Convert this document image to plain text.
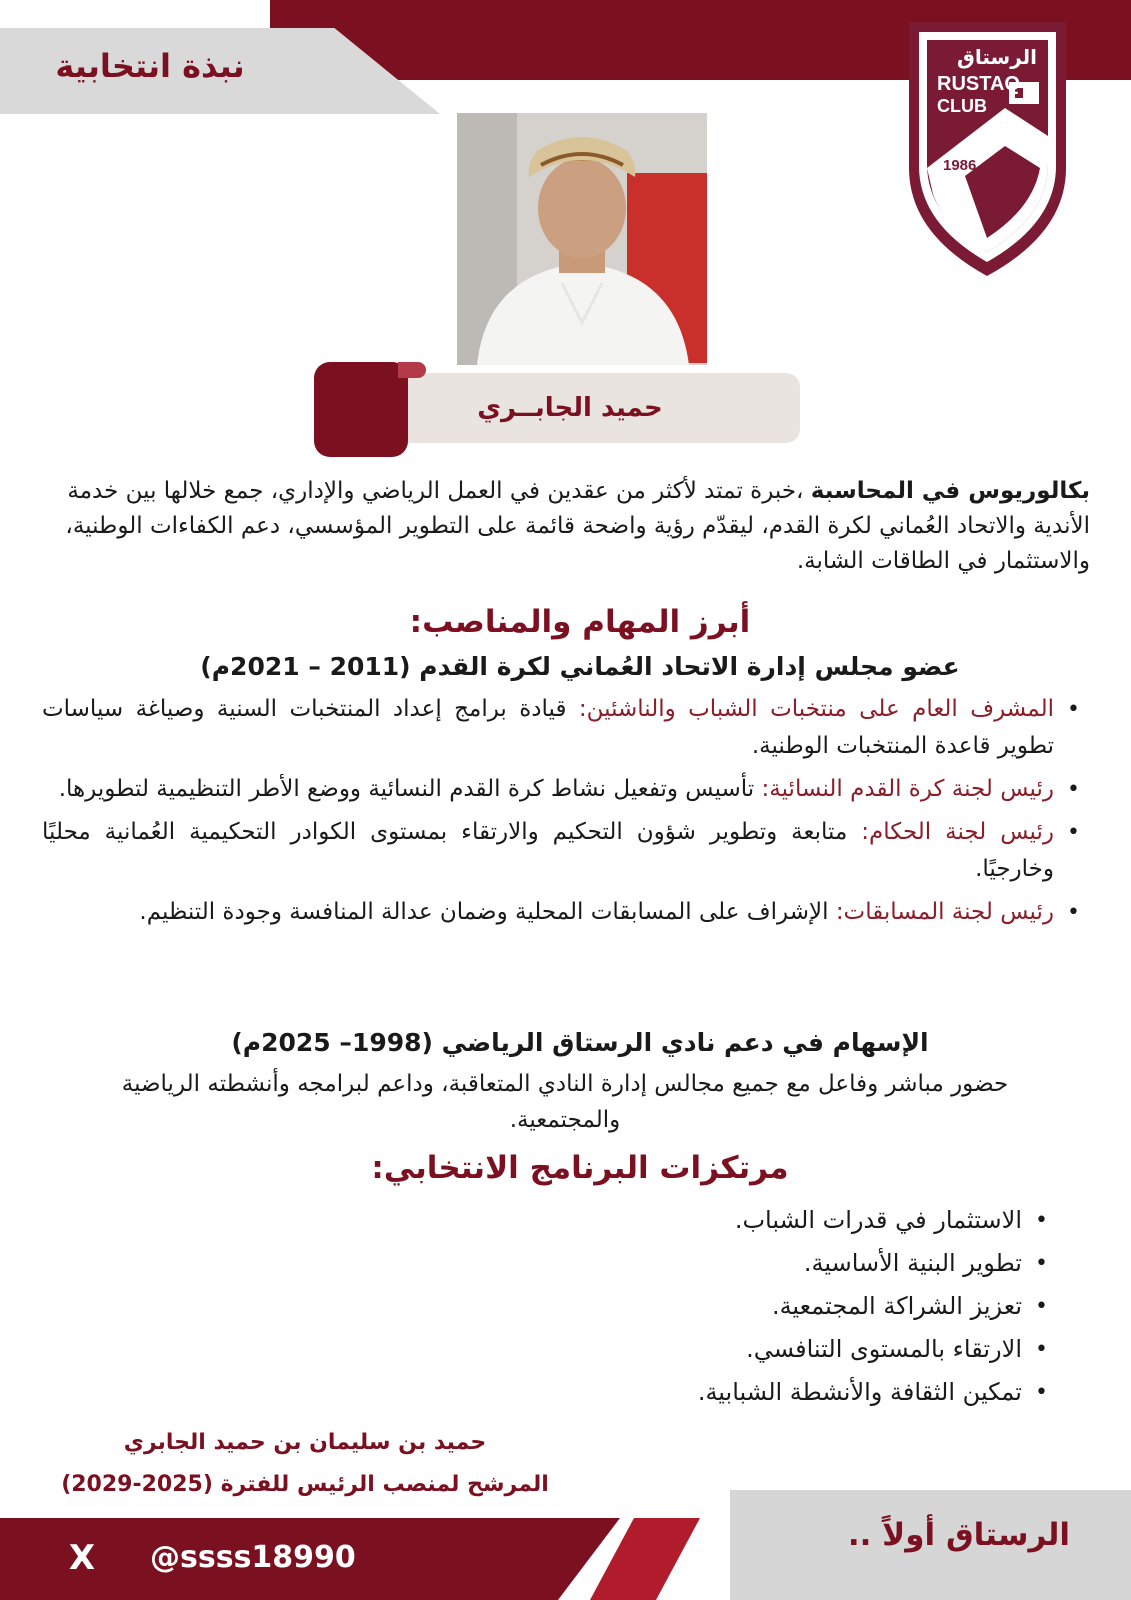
نبذة انتخابية
1986
الرستاق
RUSTAQ
CLUB
حميد الجابــري
بكالوريوس في المحاسبة ،خبرة تمتد لأكثر من عقدين في العمل الرياضي والإداري، جمع خلالها بين خدمة الأندية والاتحاد العُماني لكرة القدم، ليقدّم رؤية واضحة قائمة على التطوير المؤسسي، دعم الكفاءات الوطنية، والاستثمار في الطاقات الشابة.
أبرز المهام والمناصب:
عضو مجلس إدارة الاتحاد العُماني لكرة القدم (2011 – 2021م)
• المشرف العام على منتخبات الشباب والناشئين: قيادة برامج إعداد المنتخبات السنية وصياغة سياسات تطوير قاعدة المنتخبات الوطنية.
• رئيس لجنة كرة القدم النسائية: تأسيس وتفعيل نشاط كرة القدم النسائية ووضع الأطر التنظيمية لتطويرها.
• رئيس لجنة الحكام: متابعة وتطوير شؤون التحكيم والارتقاء بمستوى الكوادر التحكيمية العُمانية محليًا وخارجيًا.
• رئيس لجنة المسابقات: الإشراف على المسابقات المحلية وضمان عدالة المنافسة وجودة التنظيم.
الإسهام في دعم نادي الرستاق الرياضي (1998– 2025م)
حضور مباشر وفاعل مع جميع مجالس إدارة النادي المتعاقبة، وداعم لبرامجه وأنشطته الرياضية والمجتمعية.
مرتكزات البرنامج الانتخابي:
• الاستثمار في قدرات الشباب.
• تطوير البنية الأساسية.
• تعزيز الشراكة المجتمعية.
• الارتقاء بالمستوى التنافسي.
• تمكين الثقافة والأنشطة الشبابية.
حميد بن سليمان بن حميد الجابري
المرشح لمنصب الرئيس للفترة (2025-2029)
الرستاق أولاً ..
X @ssss18990
